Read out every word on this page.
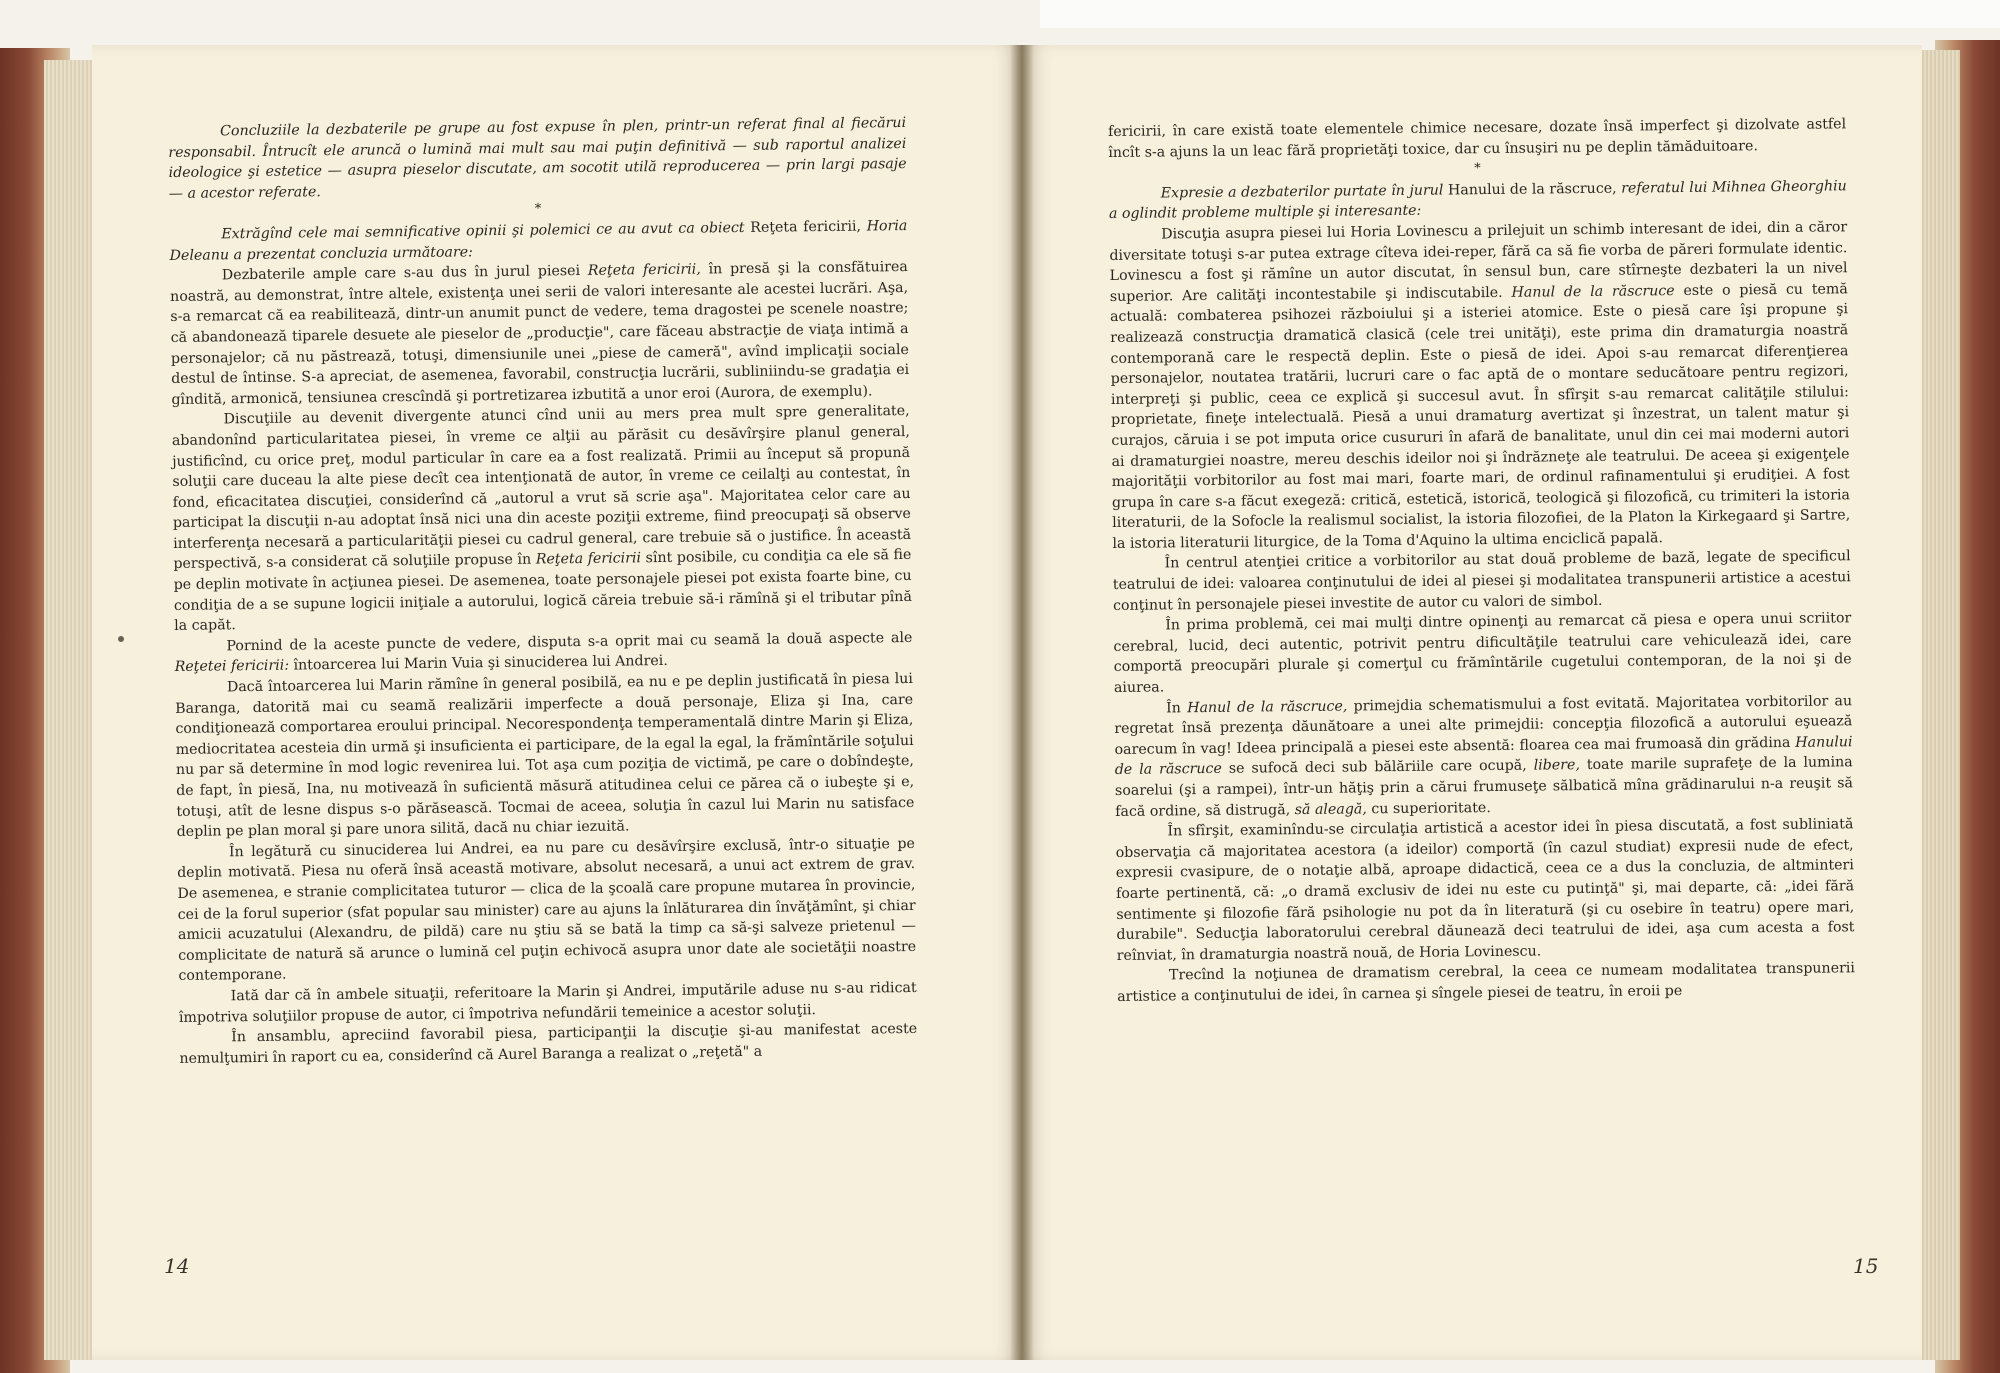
Concluziile la dezbaterile pe grupe au fost expuse în plen, printr-un referat final al fiecărui responsabil. Întrucît ele aruncă o lumină mai mult sau mai puţin definitivă — sub raportul analizei ideologice şi estetice — asupra pieselor discutate, am socotit utilă reproducerea — prin largi pasaje — a acestor referate.

*

Extrăgînd cele mai semnificative opinii şi polemici ce au avut ca obiect Reţeta fericirii, Horia Deleanu a prezentat concluzia următoare:

Dezbaterile ample care s-au dus în jurul piesei Reţeta fericirii, în presă şi la consfătuirea noastră, au demonstrat, între altele, existenţa unei serii de valori interesante ale acestei lucrări. Aşa, s-a remarcat că ea reabilitează, dintr-un anumit punct de vedere, tema dragostei pe scenele noastre; că abandonează tiparele desuete ale pieselor de „producţie", care făceau abstracţie de viaţa intimă a personajelor; că nu păstrează, totuşi, dimensiunile unei „piese de cameră", avînd implicaţii sociale destul de întinse. S-a apreciat, de asemenea, favorabil, construcţia lucrării, subliniindu-se gradaţia ei gîndită, armonică, tensiunea crescîndă şi portretizarea izbutită a unor eroi (Aurora, de exemplu).

Discuţiile au devenit divergente atunci cînd unii au mers prea mult spre generalitate, abandonînd particularitatea piesei, în vreme ce alţii au părăsit cu desăvîrşire planul general, justificînd, cu orice preţ, modul particular în care ea a fost realizată. Primii au început să propună soluţii care duceau la alte piese decît cea intenţionată de autor, în vreme ce ceilalţi au contestat, în fond, eficacitatea discuţiei, considerînd că „autorul a vrut să scrie aşa". Majoritatea celor care au participat la discuţii n-au adoptat însă nici una din aceste poziţii extreme, fiind preocupaţi să observe interferenţa necesară a particularităţii piesei cu cadrul general, care trebuie să o justifice. În această perspectivă, s-a considerat că soluţiile propuse în Reţeta fericirii sînt posibile, cu condiţia ca ele să fie pe deplin motivate în acţiunea piesei. De asemenea, toate personajele piesei pot exista foarte bine, cu condiţia de a se supune logicii iniţiale a autorului, logică căreia trebuie să-i rămînă şi el tributar pînă la capăt.

Pornind de la aceste puncte de vedere, disputa s-a oprit mai cu seamă la două aspecte ale Reţetei fericirii: întoarcerea lui Marin Vuia şi sinuciderea lui Andrei.

Dacă întoarcerea lui Marin rămîne în general posibilă, ea nu e pe deplin justificată în piesa lui Baranga, datorită mai cu seamă realizării imperfecte a două personaje, Eliza şi Ina, care condiţionează comportarea eroului principal. Necorespondenţa temperamentală dintre Marin şi Eliza, mediocritatea acesteia din urmă şi insuficienta ei participare, de la egal la egal, la frămîntările soţului nu par să determine în mod logic revenirea lui. Tot aşa cum poziţia de victimă, pe care o dobîndeşte, de fapt, în piesă, Ina, nu motivează în suficientă măsură atitudinea celui ce părea că o iubeşte şi e, totuşi, atît de lesne dispus s-o părăsească. Tocmai de aceea, soluţia în cazul lui Marin nu satisface deplin pe plan moral şi pare unora silită, dacă nu chiar iezuită.

În legătură cu sinuciderea lui Andrei, ea nu pare cu desăvîrşire exclusă, într-o situaţie pe deplin motivată. Piesa nu oferă însă această motivare, absolut necesară, a unui act extrem de grav. De asemenea, e stranie complicitatea tuturor — clica de la şcoală care propune mutarea în provincie, cei de la forul superior (sfat popular sau minister) care au ajuns la înlăturarea din învăţămînt, şi chiar amicii acuzatului (Alexandru, de pildă) care nu ştiu să se bată la timp ca să-şi salveze prietenul — complicitate de natură să arunce o lumină cel puţin echivocă asupra unor date ale societăţii noastre contemporane.

Iată dar că în ambele situaţii, referitoare la Marin şi Andrei, imputările aduse nu s-au ridicat împotriva soluţiilor propuse de autor, ci împotriva nefundării temeinice a acestor soluţii.

În ansamblu, apreciind favorabil piesa, participanţii la discuţie şi-au manifestat aceste nemulţumiri în raport cu ea, considerînd că Aurel Baranga a realizat o „reţetă" a

14

fericirii, în care există toate elementele chimice necesare, dozate însă imperfect şi dizolvate astfel încît s-a ajuns la un leac fără proprietăţi toxice, dar cu însuşiri nu pe deplin tămăduitoare.

*

Expresie a dezbaterilor purtate în jurul Hanului de la răscruce, referatul lui Mihnea Gheorghiu a oglindit probleme multiple şi interesante:

Discuţia asupra piesei lui Horia Lovinescu a prilejuit un schimb interesant de idei, din a căror diversitate totuşi s-ar putea extrage cîteva idei-reper, fără ca să fie vorba de păreri formulate identic. Lovinescu a fost şi rămîne un autor discutat, în sensul bun, care stîrneşte dezbateri la un nivel superior. Are calităţi incontestabile şi indiscutabile. Hanul de la răscruce este o piesă cu temă actuală: combaterea psihozei războiului şi a isteriei atomice. Este o piesă care îşi propune şi realizează construcţia dramatică clasică (cele trei unităţi), este prima din dramaturgia noastră contemporană care le respectă deplin. Este o piesă de idei. Apoi s-au remarcat diferenţierea personajelor, noutatea tratării, lucruri care o fac aptă de o montare seducătoare pentru regizori, interpreţi şi public, ceea ce explică şi succesul avut. În sfîrşit s-au remarcat calităţile stilului: proprietate, fineţe intelectuală. Piesă a unui dramaturg avertizat şi înzestrat, un talent matur şi curajos, căruia i se pot imputa orice cusururi în afară de banalitate, unul din cei mai moderni autori ai dramaturgiei noastre, mereu deschis ideilor noi şi îndrăzneţe ale teatrului. De aceea şi exigenţele majorităţii vorbitorilor au fost mai mari, foarte mari, de ordinul rafinamentului şi erudiţiei. A fost grupa în care s-a făcut exegeză: critică, estetică, istorică, teologică şi filozofică, cu trimiteri la istoria literaturii, de la Sofocle la realismul socialist, la istoria filozofiei, de la Platon la Kirkegaard şi Sartre, la istoria literaturii liturgice, de la Toma d'Aquino la ultima enciclică papală.

În centrul atenţiei critice a vorbitorilor au stat două probleme de bază, legate de specificul teatrului de idei: valoarea conţinutului de idei al piesei şi modalitatea transpunerii artistice a acestui conţinut în personajele piesei investite de autor cu valori de simbol.

În prima problemă, cei mai mulţi dintre opinenţi au remarcat că piesa e opera unui scriitor cerebral, lucid, deci autentic, potrivit pentru dificultăţile teatrului care vehiculează idei, care comportă preocupări plurale şi comerţul cu frămîntările cugetului contemporan, de la noi şi de aiurea.

În Hanul de la răscruce, primejdia schematismului a fost evitată. Majoritatea vorbitorilor au regretat însă prezenţa dăunătoare a unei alte primejdii: concepţia filozofică a autorului eşuează oarecum în vag! Ideea principală a piesei este absentă: floarea cea mai frumoasă din grădina Hanului de la răscruce se sufocă deci sub bălăriile care ocupă, libere, toate marile suprafeţe de la lumina soarelui (şi a rampei), într-un hăţiş prin a cărui frumuseţe sălbatică mîna grădinarului n-a reuşit să facă ordine, să distrugă, să aleagă, cu superioritate.

În sfîrşit, examinîndu-se circulaţia artistică a acestor idei în piesa discutată, a fost subliniată observaţia că majoritatea acestora (a ideilor) comportă (în cazul studiat) expresii nude de efect, expresii cvasipure, de o notaţie albă, aproape didactică, ceea ce a dus la concluzia, de altminteri foarte pertinentă, că: „o dramă exclusiv de idei nu este cu putinţă" şi, mai departe, că: „idei fără sentimente şi filozofie fără psihologie nu pot da în literatură (şi cu osebire în teatru) opere mari, durabile". Seducţia laboratorului cerebral dăunează deci teatrului de idei, aşa cum acesta a fost reînviat, în dramaturgia noastră nouă, de Horia Lovinescu.

Trecînd la noţiunea de dramatism cerebral, la ceea ce numeam modalitatea transpunerii artistice a conţinutului de idei, în carnea şi sîngele piesei de teatru, în eroii pe

15
